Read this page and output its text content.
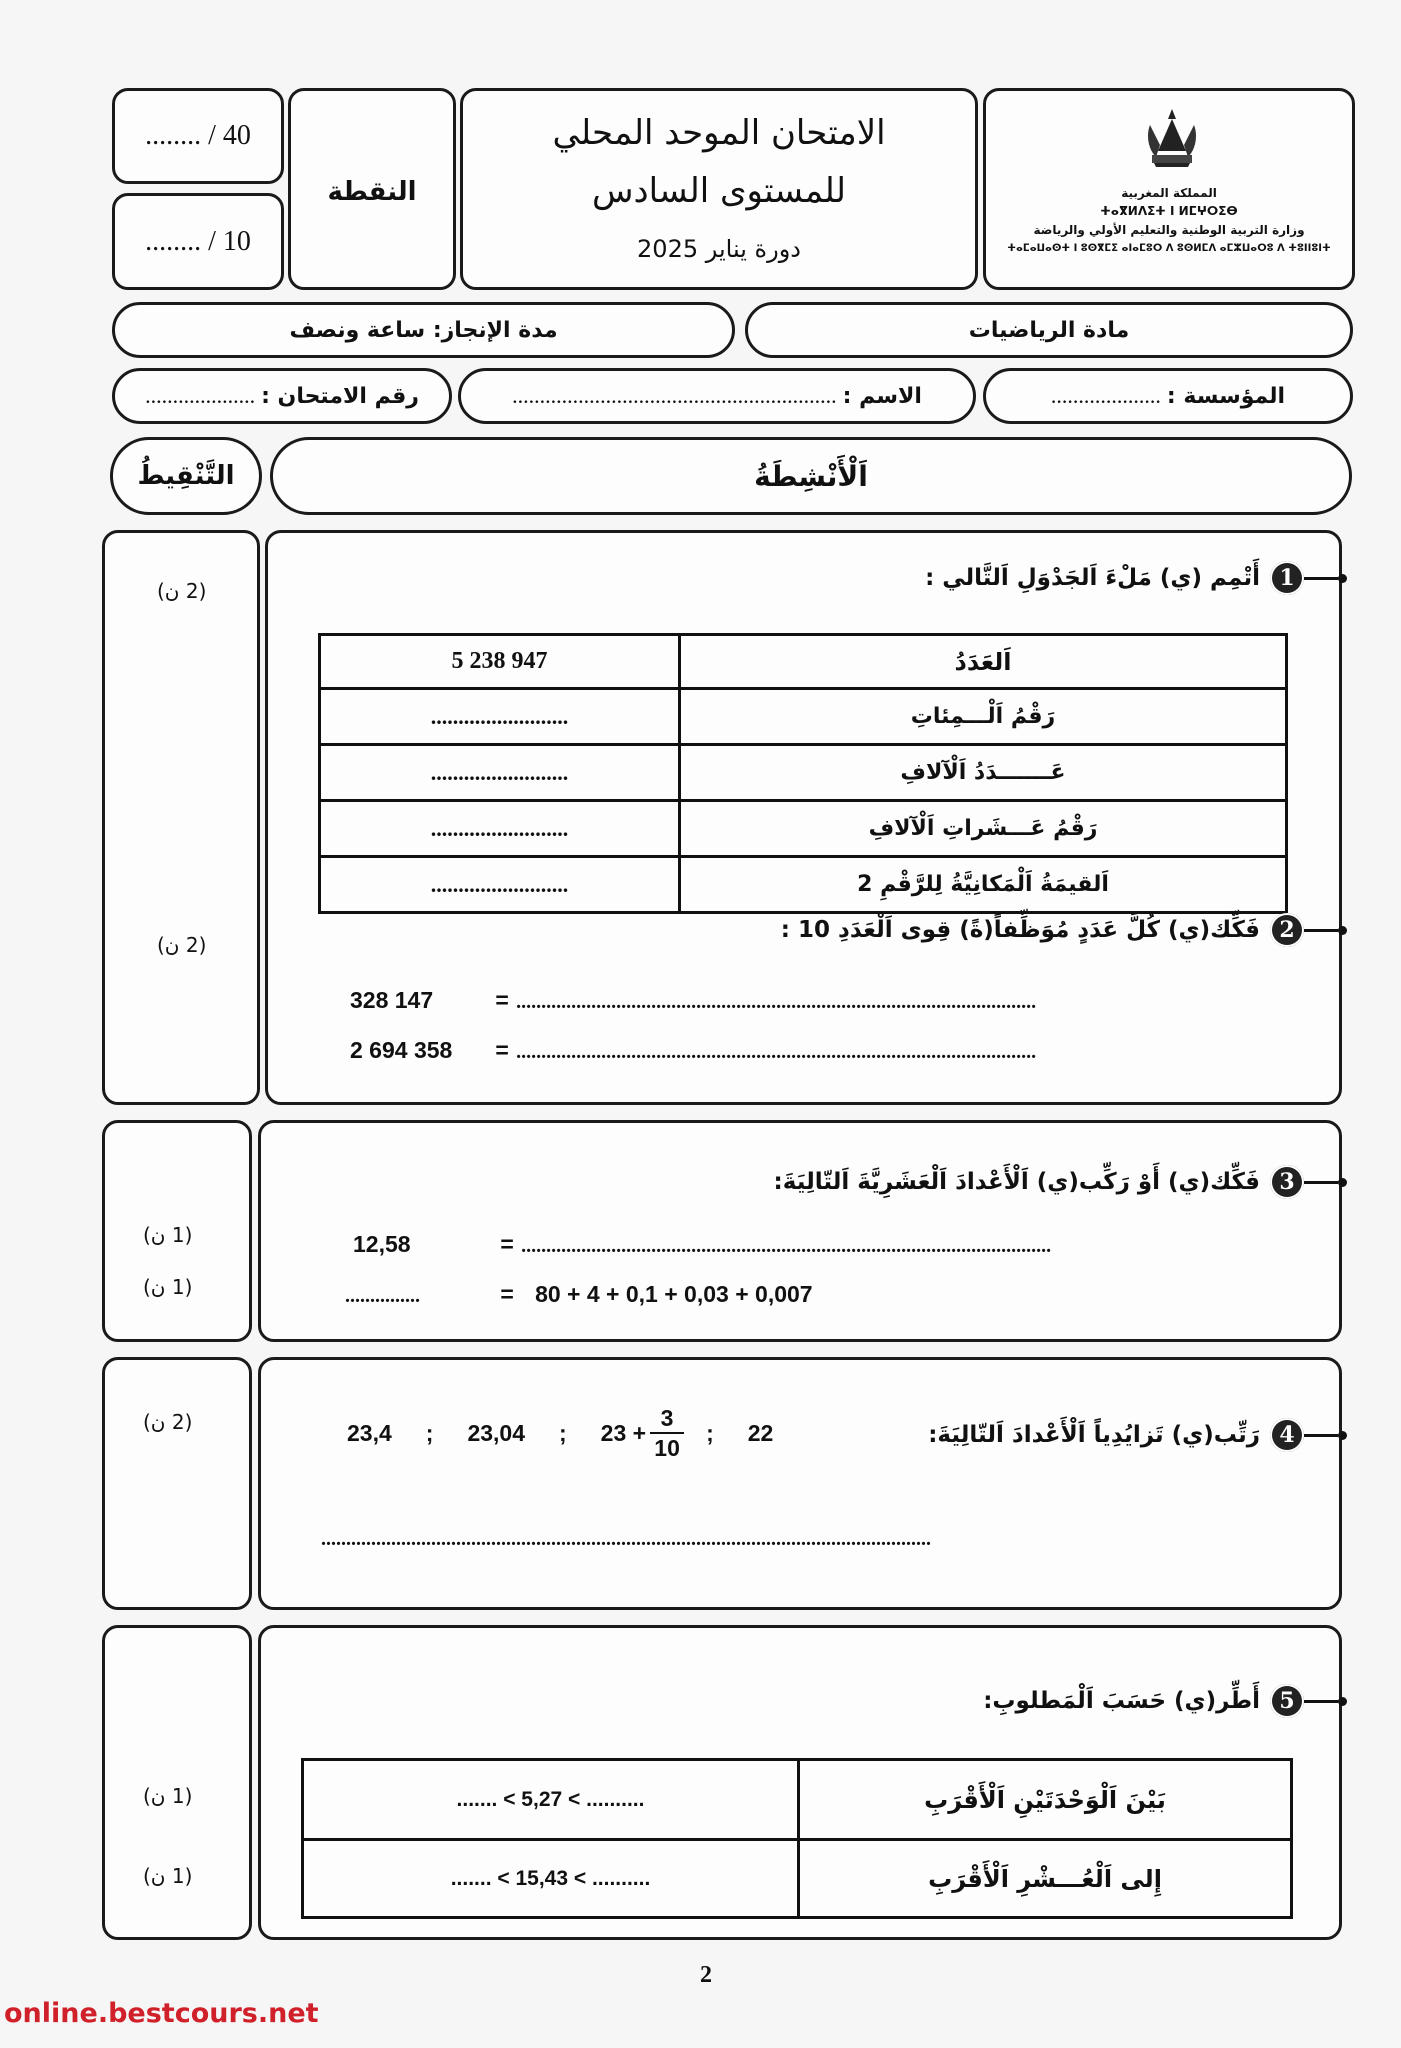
........ / 40
........ / 10
النقطة
الامتحان الموحد المحلي
للمستوى السادس
دورة يناير 2025
المملكة المغربية
ⵜⴰⴳⵍⴷⵉⵜ ⵏ ⵍⵎⵖⵔⵉⴱ
وزارة التربية الوطنية والتعليم الأولي والرياضة
ⵜⴰⵎⴰⵡⴰⵙⵜ ⵏ ⵓⵙⴳⵎⵉ ⴰⵏⴰⵎⵓⵔ ⴷ ⵓⵙⵍⵎⴷ ⴰⵎⵣⵡⴰⵔⵓ ⴷ ⵜⵓⵏⵏⵓⵏⵜ
مدة الإنجاز: ساعة ونصف	مادة الرياضيات
رقم الامتحان :
....................	الاسم :
...........................................................	المؤسسة :
....................
التَّنْقِيطُ	اَلْأَنْشِطَةُ
(2 ن)
(2 ن)
1
أَتْمِم (ي) مَلْءَ اَلجَدْوَلِ اَلتَّالي :
5 238 947	اَلعَدَدُ
.........................	رَقْمُ اَلْـــمِئاتِ
.........................	عَـــــــدَدُ اَلْآلافِ
.........................	رَقْمُ عَـــشَراتِ اَلْآلافِ
.........................	اَلقيمَةُ اَلْمَكانِيَّةُ لِلرَّقْمِ 2
2
فَكِّك(ي) كُلَّ عَدَدٍ مُوَظِّفاً(ةً) قِوى اَلْعَدَدِ 10 :
328 147	= ........................................................................................................
2 694 358 = ........................................................................................................
(1 ن)
(1 ن)
3
فَكِّك(ي) أَوْ رَكِّب(ي) اَلْأَعْدادَ اَلْعَشَرِيَّةَ اَلتّالِيَةَ:
12,58	= ..........................................................................................................
...............	= 80 + 4 + 0,1 + 0,03 + 0,007
(2 ن)	4
رَتِّب(ي) تَزايُدِياً اَلْأَعْدادَ اَلتّالِيَةَ:
23,4 ; 23,04 ; $23 + \frac{3}{10}$ ; 22
..........................................................................................................................
(1 ن)
(1 ن)
5
أَطِّر(ي) حَسَبَ اَلْمَطلوبِ:
....... < 5,27 < ..........	بَيْنَ اَلْوَحْدَتَيْنِ اَلْأَقْرَبِ
....... < 15,43 < ..........	إِلى اَلْعُـــشْرِ اَلْأَقْرَبِ
2
online.bestcours.net
